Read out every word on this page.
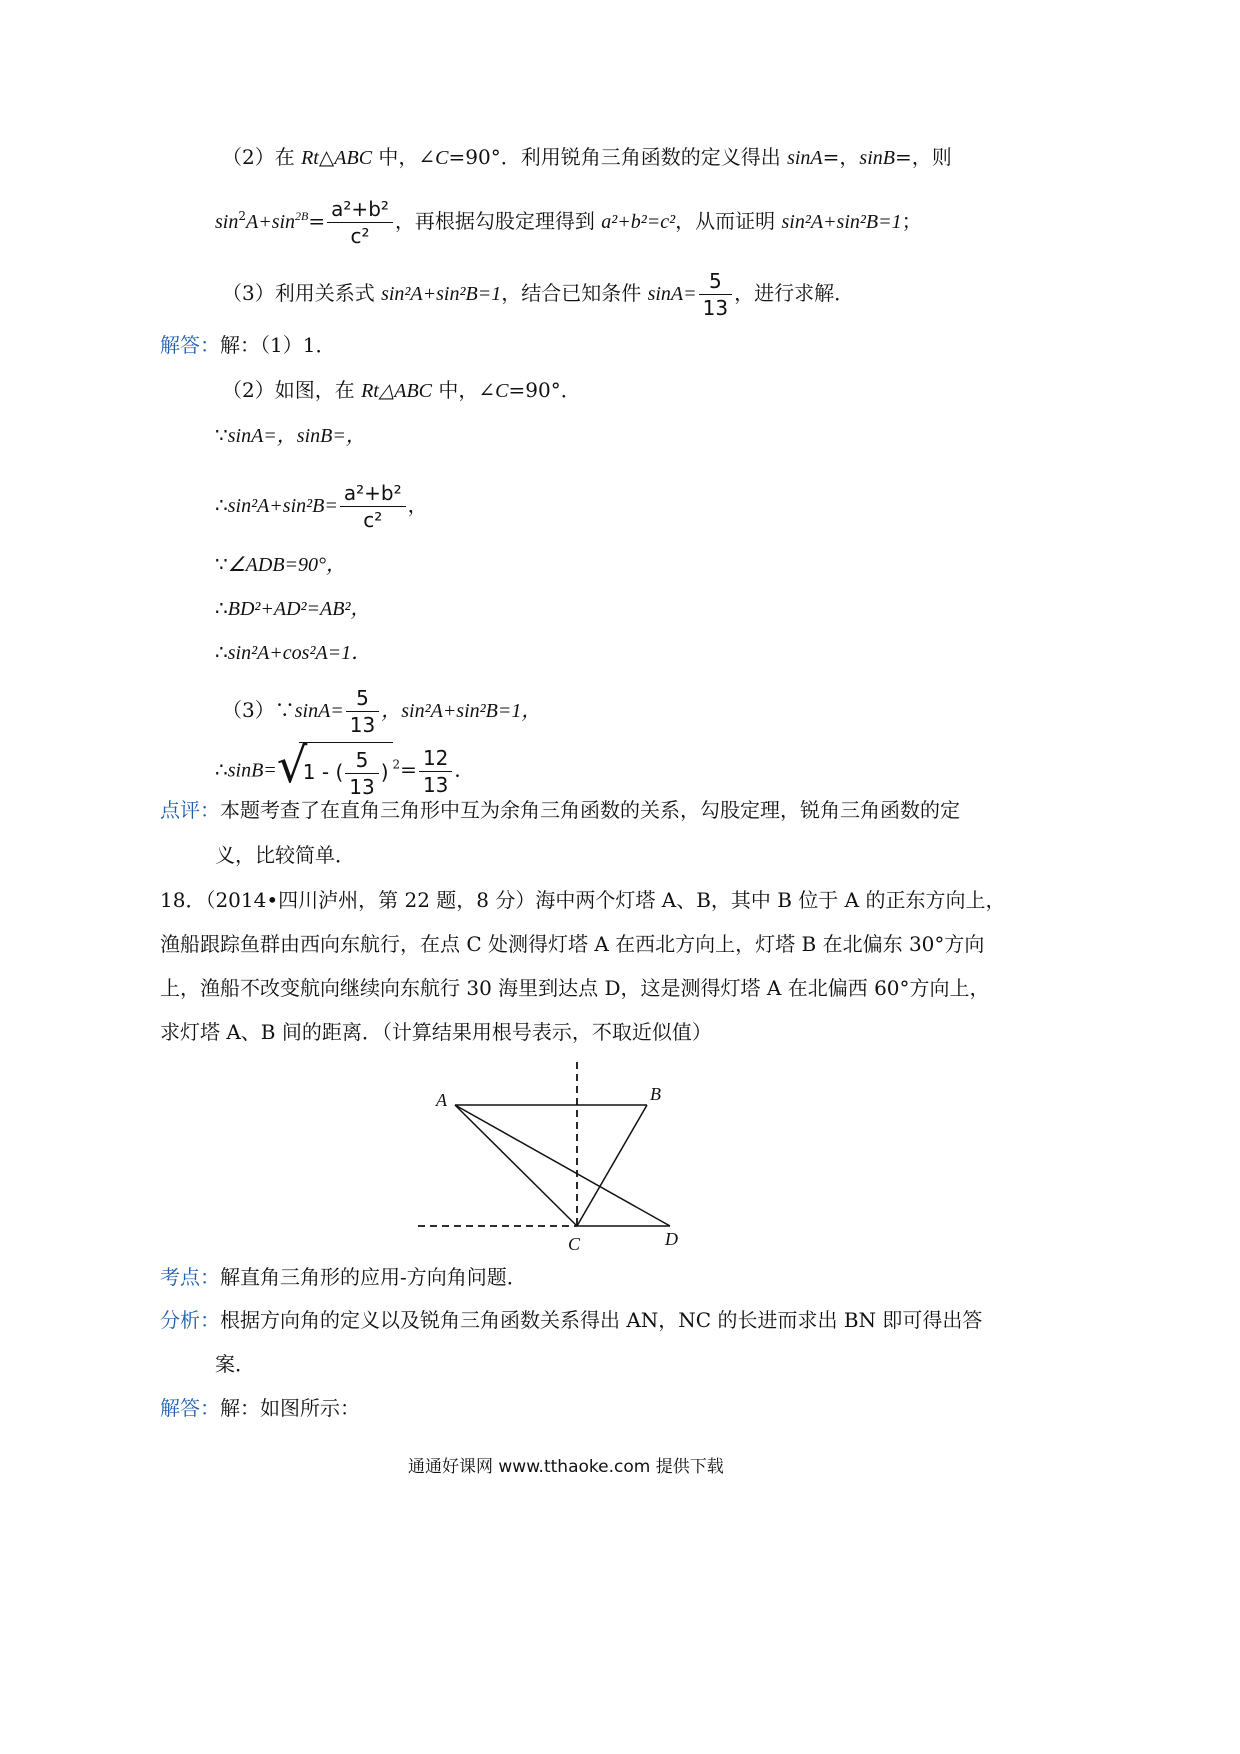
（2）在 Rt△ABC 中，∠C=90°．利用锐角三角函数的定义得出 sinA=，sinB=，则
$\sin^2A+\sin^{2B}= \frac{\text{a²+b²}}{\text{c²}}$ ，再根据勾股定理得到 a²+b²=c²，从而证明 sin²A+sin²B=1；
（3）利用关系式 sin²A+sin²B=1，结合已知条件 $\sin A= \frac{5}{13}$ ，进行求解．
解答：解：（1）1．
（2）如图，在 Rt△ABC 中，∠C=90°．
∵sinA=，sinB=，
∴sin²A+sin²B= $\frac{\text{a²+b²}}{\text{c²}}$ ，
∵∠ADB=90°，
∴BD²+AD²=AB²，
∴sin²A+cos²A=1．
（3）∵sinA= $\frac{5}{13}$ ，sin²A+sin²B=1，
∴sinB= √
1 - ( $\frac{5}{13}$ ) $^2= \frac{12}{13}$ ．
点评：本题考查了在直角三角形中互为余角三角函数的关系，勾股定理，锐角三角函数的定
义，比较简单．
18．（2014•四川泸州，第 22 题，8 分）海中两个灯塔 A、B，其中 B 位于 A 的正东方向上，
渔船跟踪鱼群由西向东航行，在点 C 处测得灯塔 A 在西北方向上，灯塔 B 在北偏东 30°方向
上，渔船不改变航向继续向东航行 30 海里到达点 D，这是测得灯塔 A 在北偏西 60°方向上，
求灯塔 A、B 间的距离．（计算结果用根号表示，不取近似值）
A	B
C	D
考点：解直角三角形的应用-方向角问题．
分析：根据方向角的定义以及锐角三角函数关系得出 AN，NC 的长进而求出 BN 即可得出答
案．
解答：解：如图所示：
通通好课网 www.tthaoke.com 提供下载
